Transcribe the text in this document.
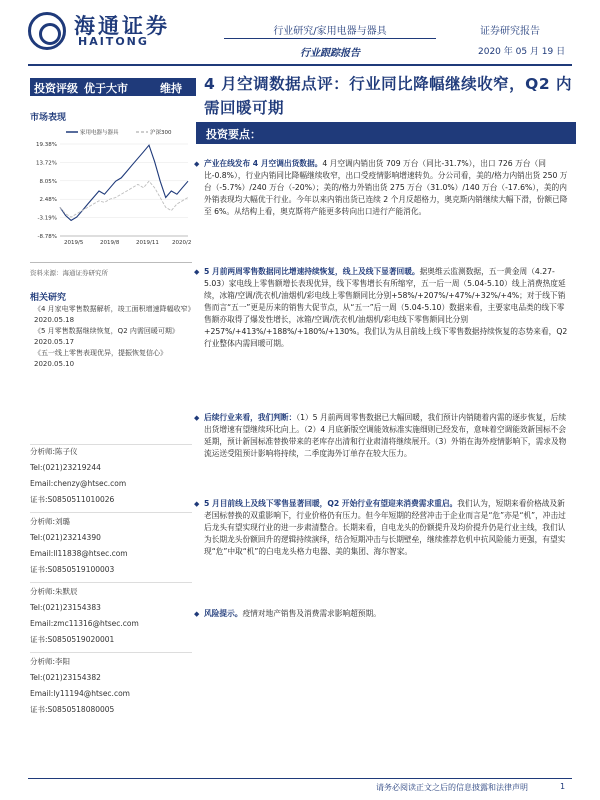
海通证券
HAITONG
行业研究/家用电器与器具
行业跟踪报告
证券研究报告
2020 年 05 月 19 日
投资评级 优于大市	维持 4 月空调数据点评：行业同比降幅继续收窄，Q2 内需回暖可期
投资要点：
市场表现
家用电器与器具	沪深300
19.38%
13.72%
8.05%
2.48%
-3.19%
-8.78%
2019/5	2019/8	2019/11 2020/2
资料来源：海通证券研究所
相关研究
《4 月家电零售数据解析，竣工面积增速降幅收窄》2020.05.18
《5 月零售数据继续恢复，Q2 内需回暖可期》2020.05.17
《五一线上零售表现优异，提振恢复信心》2020.05.10
分析师:陈子仪
Tel:(021)23219244
Email:chenzy@htsec.com
证书:S0850511010026
分析师:刘璐
Tel:(021)23214390
Email:ll11838@htsec.com
证书:S0850519100003
分析师:朱默辰
Tel:(021)23154383
Email:zmc11316@htsec.com
证书:S0850519020001
分析师:李阳
Tel:(021)23154382
Email:ly11194@htsec.com
证书:S0850518080005
◆ 产业在线发布 4 月空调出货数据。4 月空调内销出货 709 万台（同比-31.7%），出口 726 万台（同比-0.8%），行业内销同比降幅继续收窄，出口受疫情影响增速转负。分公司看，美的/格力内销出货 250 万台（-5.7%）/240 万台（-20%）；美的/格力外销出货 275 万台（31.0%）/140 万台（-17.6%），美的内外销表现均大幅优于行业。今年以来内销出货已连续 2 个月反超格力，奥克斯内销继续大幅下滑，份额已降至 6%。从结构上看，奥克斯将产能更多转向出口进行产能消化。
◆ 5 月前两周零售数据同比增速持续恢复，线上及线下显著回暖。据奥维云监测数据，五一黄金周（4.27-5.03）家电线上零售额增长表现优异，线下零售增长有所缩窄，五一后一周（5.04-5.10）线上消费热度延续，冰箱/空调/洗衣机/油烟机/彩电线上零售额同比分别+58%/+207%/+47%/+32%/+4%；对于线下销售而言“五一”更是历来的销售大促节点，从“五一”后一周（5.04-5.10）数据来看，主要家电品类的线下零售额亦取得了爆发性增长，冰箱/空调/洗衣机/油烟机/彩电线下零售额同比分别+257%/+413%/+188%/+180%/+130%。我们认为从目前线上线下零售数据持续恢复的态势来看，Q2 行业整体内需回暖可期。
◆ 后续行业来看，我们判断：（1）5 月前两周零售数据已大幅回暖，我们预计内销随着内需的逐步恢复，后续出货增速有望继续环比向上。（2）4 月底新版空调能效标准实施细则已经发布，意味着空调能效新国标不会延期，预计新国标准替换带来的老库存出清和行业肃清将继续展开。（3）外销在海外疫情影响下，需求及物流运送受阻预计影响将持续，二季度海外订单存在较大压力。
◆ 5 月目前线上及线下零售显著回暖，Q2 开始行业有望迎来消费需求重启。我们认为，短期来看价格战及新老国标替换的双重影响下，行业价格仍有压力。但今年短期的经营冲击于企业而言是“危”亦是“机”，冲击过后龙头有望实现行业的进一步肃清整合。长期来看，自电龙头的份额提升及均价提升仍是行业主线，我们认为长期龙头份额回升的逻辑持续演绎，结合短期冲击与长期壁垒，继续推荐危机中抗风险能力更强，有望实现“危”中取“机”的白电龙头格力电器、美的集团、海尔智家。
◆ 风险提示。疫情对地产销售及消费需求影响超预期。
请务必阅读正文之后的信息披露和法律声明	1
